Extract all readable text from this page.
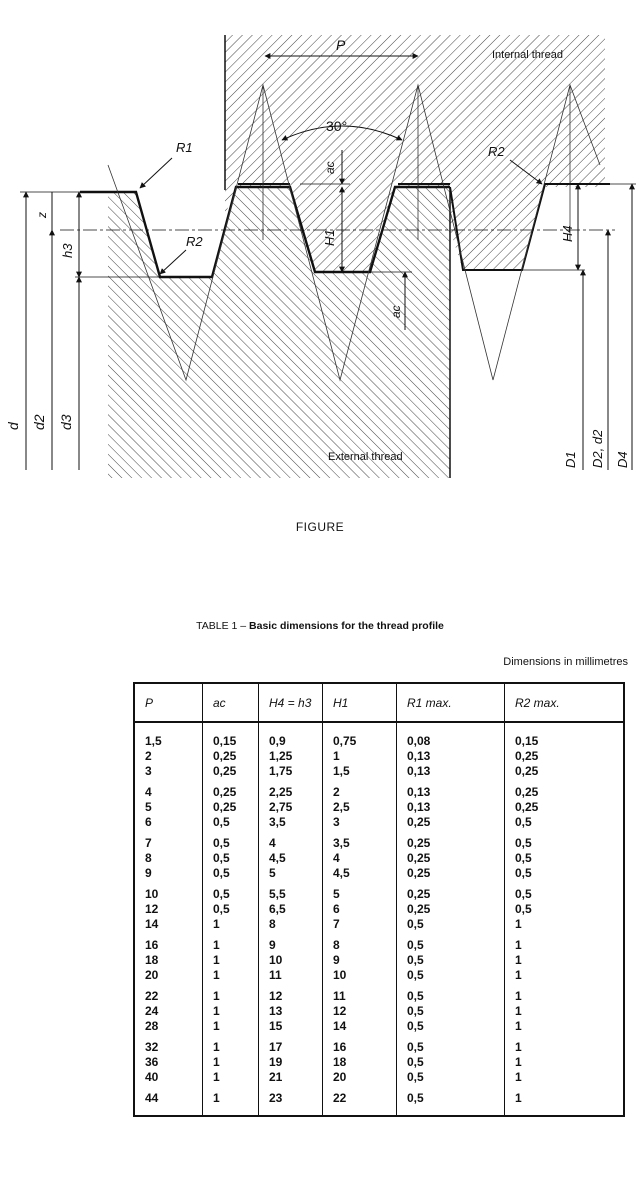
P
30°
Internal thread
External thread
R1
R2
R2
d d2 d3
z
h3
H1
ac
ac
H4
D1 D2, d2 D4
FIGURE
TABLE 1 – Basic dimensions for the thread profile
Dimensions in millimetres
P	ac	H4 = h3	H1	R1 max.	R2 max.
1,5	0,15	0,9	0,75	0,08	0,15
2	0,25	1,25	1	0,13	0,25
3	0,25	1,75	1,5	0,13	0,25
4	0,25	2,25	2	0,13	0,25
5	0,25	2,75	2,5	0,13	0,25
6	0,5	3,5	3	0,25	0,5
7	0,5	4	3,5	0,25	0,5
8	0,5	4,5	4	0,25	0,5
9	0,5	5	4,5	0,25	0,5
10	0,5	5,5	5	0,25	0,5
12	0,5	6,5	6	0,25	0,5
14	1	8	7	0,5	1
16	1	9	8	0,5	1
18	1	10	9	0,5	1
20	1	11	10	0,5	1
22	1	12	11	0,5	1
24	1	13	12	0,5	1
28	1	15	14	0,5	1
32	1	17	16	0,5	1
36	1	19	18	0,5	1
40	1	21	20	0,5	1
44	1	23	22	0,5	1
